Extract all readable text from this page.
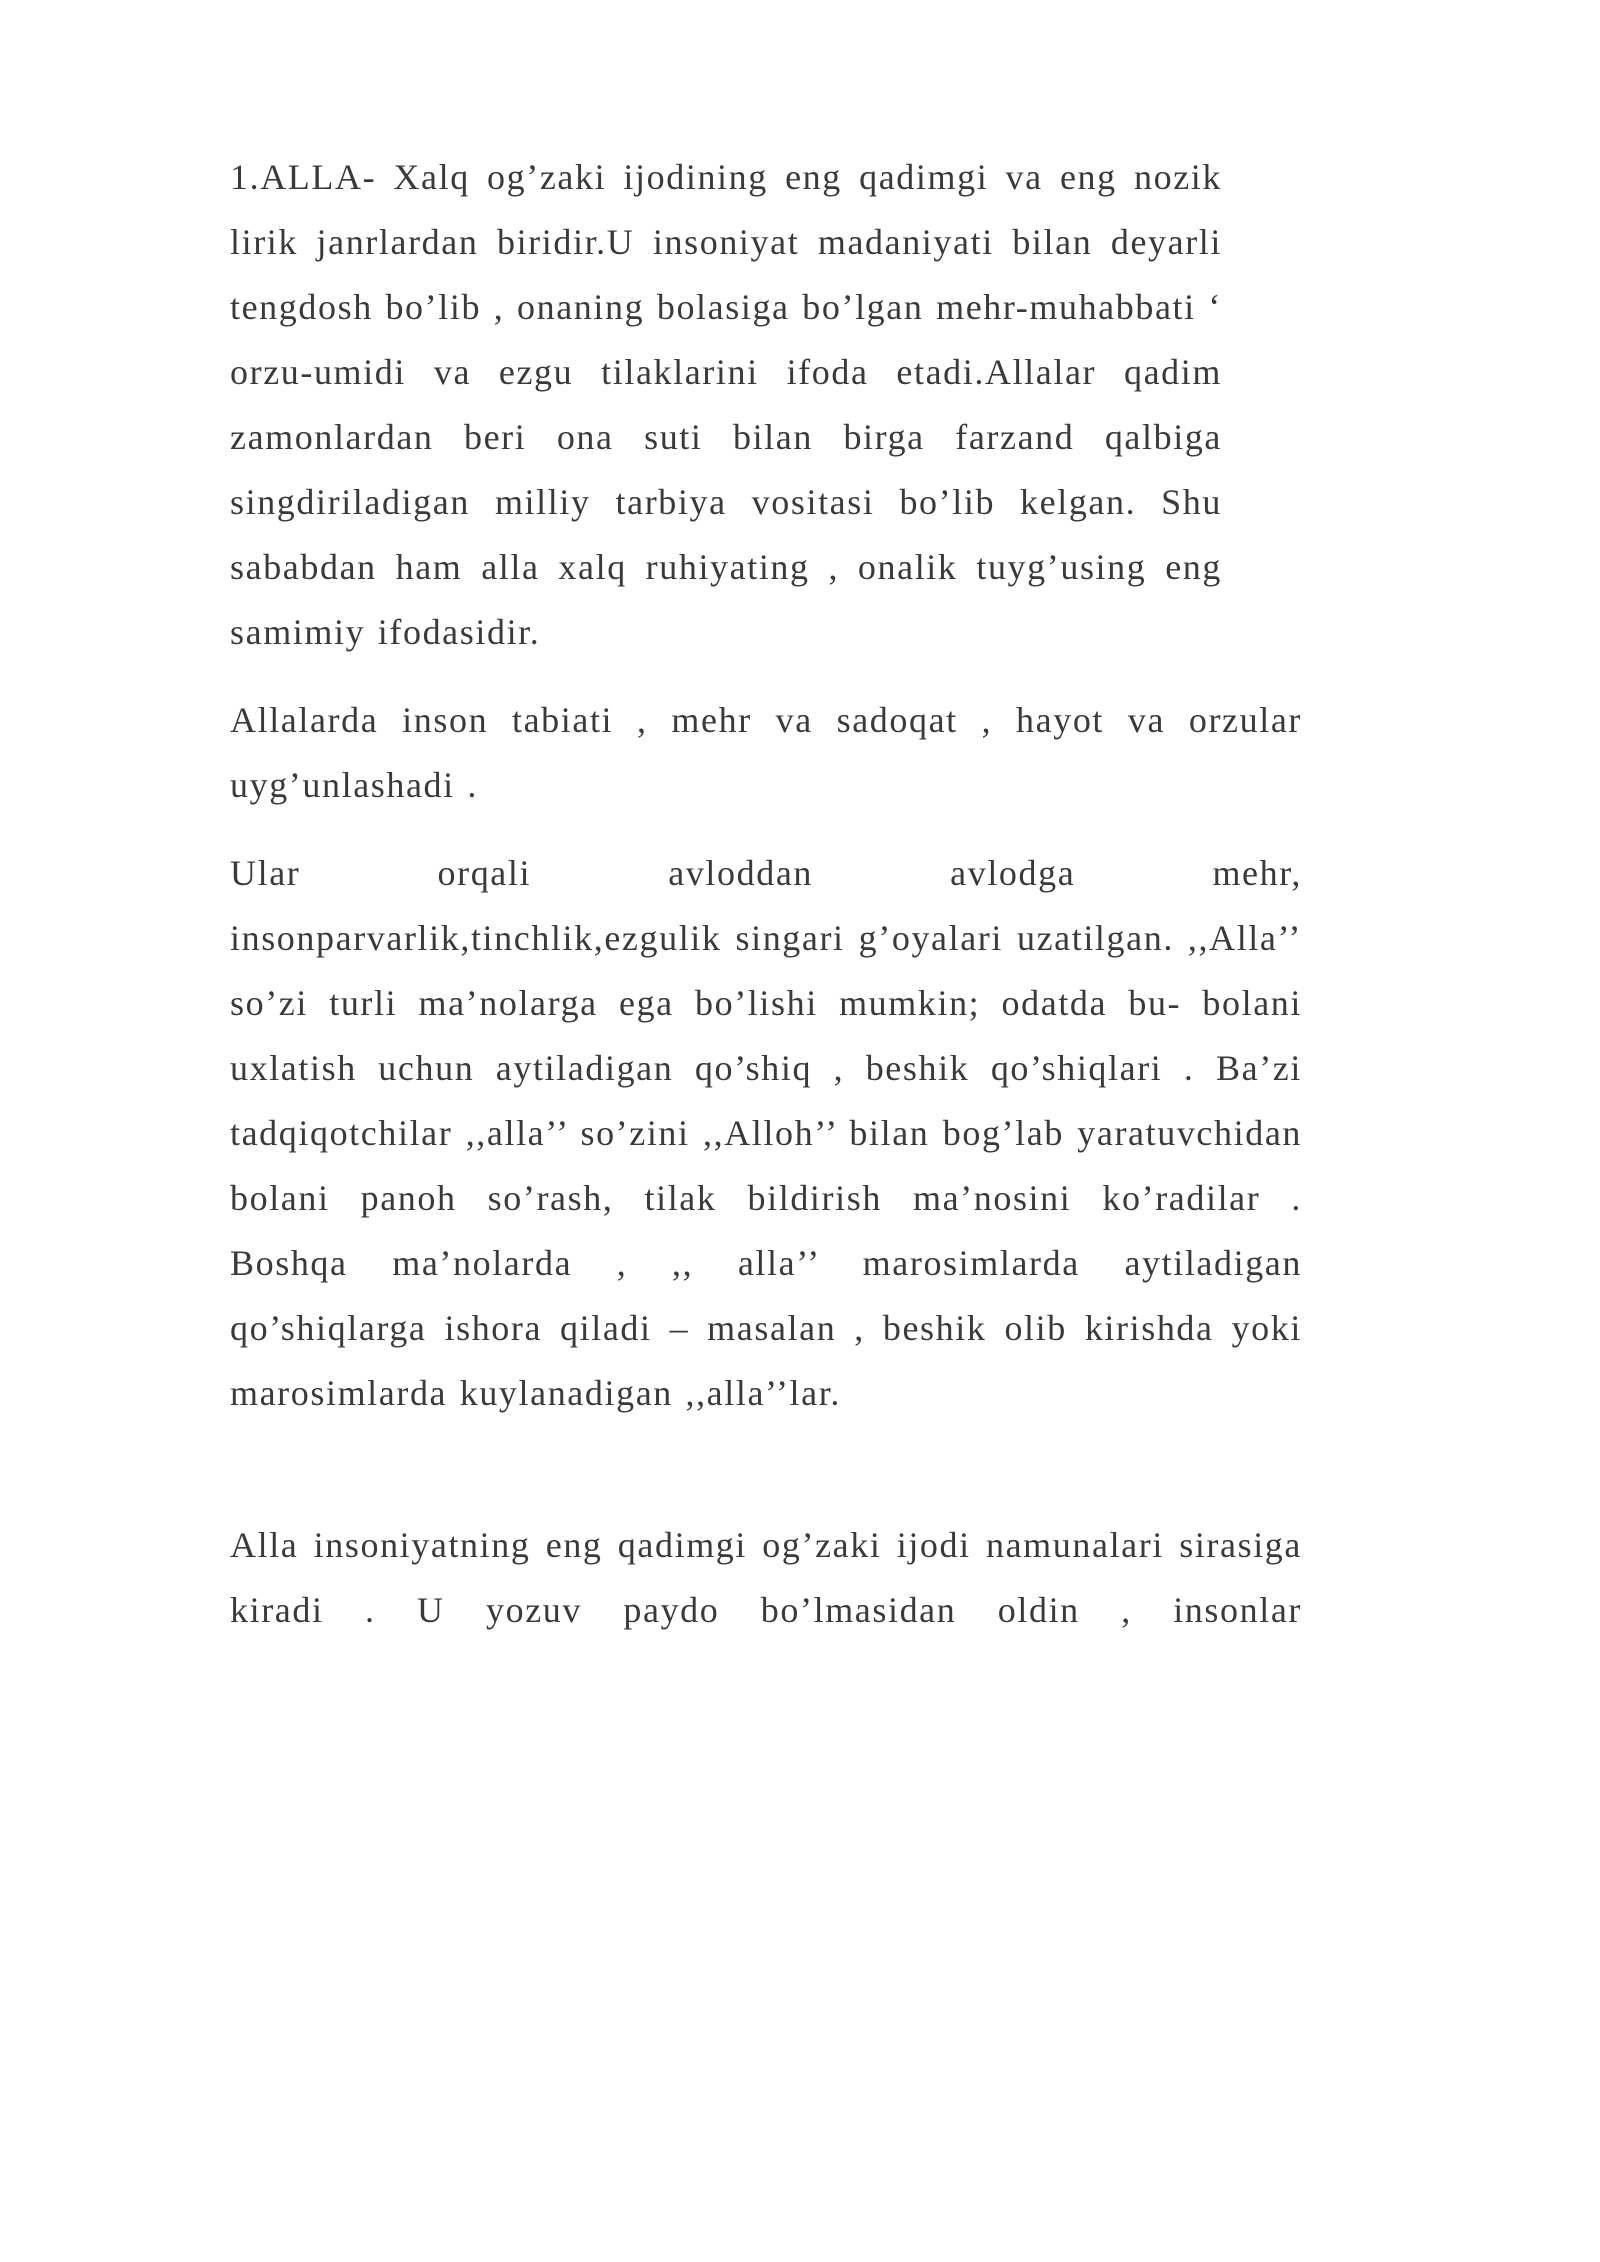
1.ALLA- Xalq og’zaki ijodining eng qadimgi va eng nozik lirik janrlardan biridir.U insoniyat madaniyati bilan deyarli tengdosh bo’lib , onaning bolasiga bo’lgan mehr-muhabbati ‘ orzu-umidi va ezgu tilaklarini ifoda etadi.Allalar qadim zamonlardan beri ona suti bilan birga farzand qalbiga singdiriladigan milliy tarbiya vositasi bo’lib kelgan. Shu sababdan ham alla xalq ruhiyating , onalik tuyg’using eng samimiy ifodasidir.

Allalarda inson tabiati , mehr va sadoqat , hayot va orzular uyg’unlashadi .

Ular orqali avloddan avlodga mehr, insonparvarlik,tinchlik,ezgulik singari g’oyalari uzatilgan. ,,Alla’’ so’zi turli ma’nolarga ega bo’lishi mumkin; odatda bu- bolani uxlatish uchun aytiladigan qo’shiq , beshik qo’shiqlari . Ba’zi tadqiqotchilar ,,alla’’ so’zini ,,Alloh’’ bilan bog’lab yaratuvchidan bolani panoh so’rash, tilak bildirish ma’nosini ko’radilar . Boshqa ma’nolarda , ,, alla’’ marosimlarda aytiladigan qo’shiqlarga ishora qiladi – masalan , beshik olib kirishda yoki marosimlarda kuylanadigan ,,alla’’lar.

Alla insoniyatning eng qadimgi og’zaki ijodi namunalari sirasiga kiradi . U yozuv paydo bo’lmasidan oldin , insonlar
